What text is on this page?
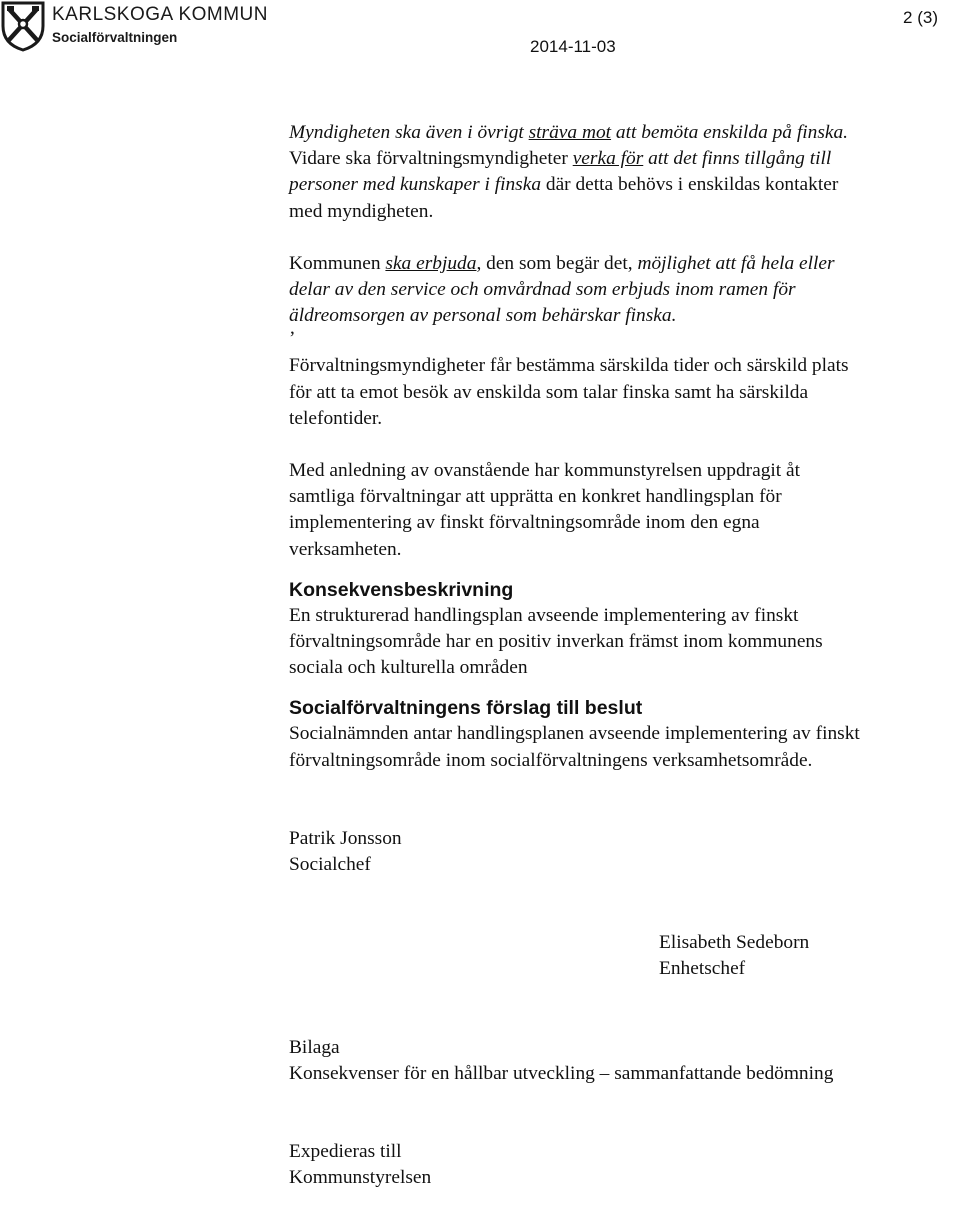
KARLSKOGA KOMMUN
Socialförvaltningen
2 (3)
2014-11-03

Myndigheten ska även i övrigt sträva mot att bemöta enskilda på finska.
Vidare ska förvaltningsmyndigheter verka för att det finns tillgång till
personer med kunskaper i finska där detta behövs i enskildas kontakter
med myndigheten.

Kommunen ska erbjuda, den som begär det, möjlighet att få hela eller
delar av den service och omvårdnad som erbjuds inom ramen för
äldreomsorgen av personal som behärskar finska.

’

Förvaltningsmyndigheter får bestämma särskilda tider och särskild plats
för att ta emot besök av enskilda som talar finska samt ha särskilda
telefontider.

Med anledning av ovanstående har kommunstyrelsen uppdragit åt
samtliga förvaltningar att upprätta en konkret handlingsplan för
implementering av finskt förvaltningsområde inom den egna
verksamheten.

Konsekvensbeskrivning

En strukturerad handlingsplan avseende implementering av finskt
förvaltningsområde har en positiv inverkan främst inom kommunens
sociala och kulturella områden

Socialförvaltningens förslag till beslut

Socialnämnden antar handlingsplanen avseende implementering av finskt
förvaltningsområde inom socialförvaltningens verksamhetsområde.

Patrik Jonsson
Socialchef

Elisabeth Sedeborn
Enhetschef

Bilaga
Konsekvenser för en hållbar utveckling – sammanfattande bedömning

Expedieras till
Kommunstyrelsen
